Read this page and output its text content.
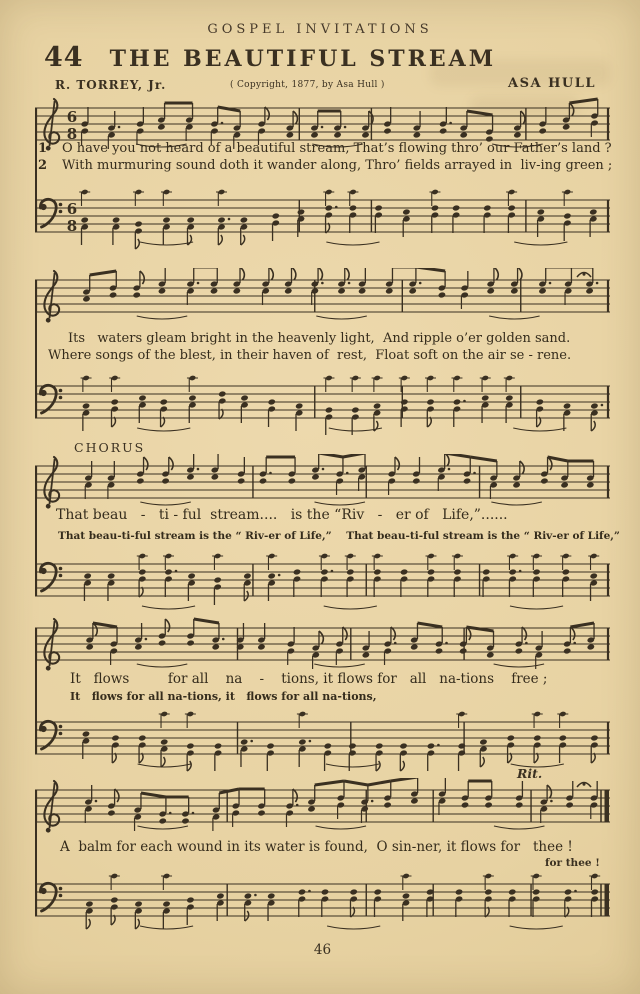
GOSPEL INVITATIONS
44 THE BEAUTIFUL STREAM
R. TORREY, Jr.	( Copyright, 1877, by Asa Hull )	ASA HULL
6
8
1 O have you not heard of a beautiful stream, That’s flowing thro’ our Father’s land ?
2 With murmuring sound doth it wander along, Thro’ fields arrayed in  liv-ing green ;
6
8
Its   waters gleam bright in the heavenly light,  And ripple o’er golden sand.
Where songs of the blest, in their haven of  rest,  Float soft on the air se - rene.
CHORUS
That beau   -   ti - ful  stream....   is the “Riv   -   er of   Life,”......
That beau-ti-ful stream is the “ Riv-er of Life,”    That beau-ti-ful stream is the “ Riv-er of Life,”
It   flows         for all    na    -    tions, it flows for   all   na-tions    free ;
It   flows for all na-tions, it   flows for all na-tions,
Rit.
A  balm for each wound in its water is found,  O sin-ner, it flows for   thee !
for thee !
46
